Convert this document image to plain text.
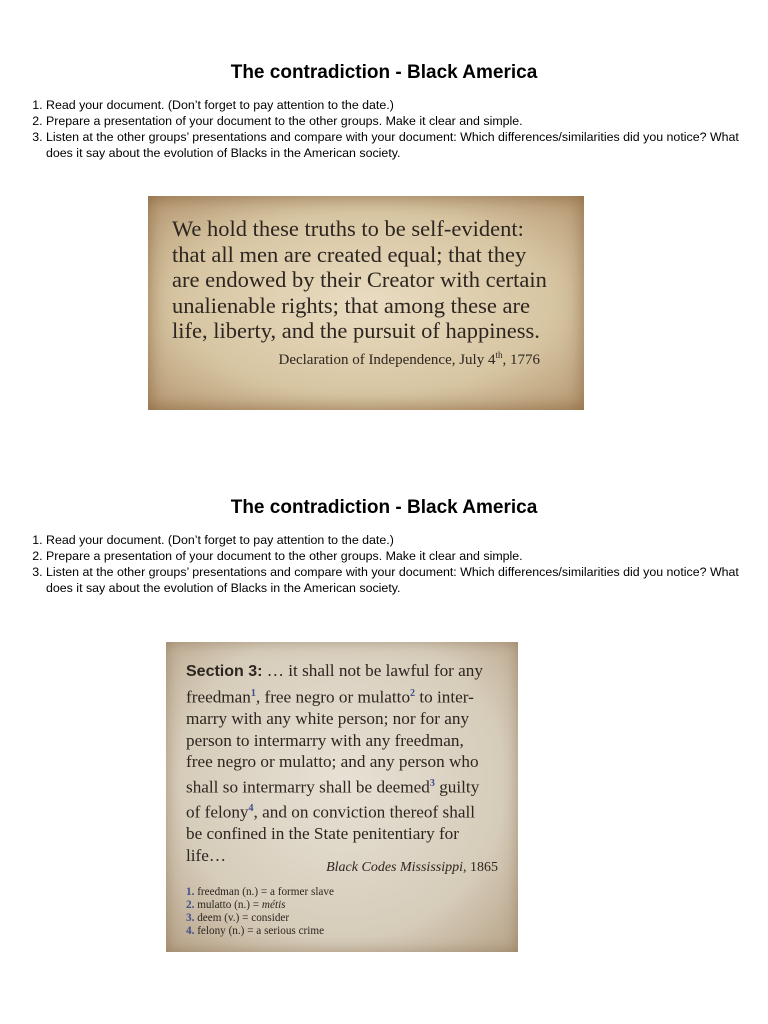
The contradiction - Black America
1. Read your document. (Don’t forget to pay attention to the date.)
2. Prepare a presentation of your document to the other groups. Make it clear and simple.
3. Listen at the other groups’ presentations and compare with your document: Which differences/similarities did you notice? What does it say about the evolution of Blacks in the American society.
We hold these truths to be self-evident:
that all men are created equal; that they
are endowed by their Creator with certain
unalienable rights; that among these are
life, liberty, and the pursuit of happiness.
Declaration of Independence, July 4th, 1776
The contradiction - Black America
1. Read your document. (Don’t forget to pay attention to the date.)
2. Prepare a presentation of your document to the other groups. Make it clear and simple.
3. Listen at the other groups’ presentations and compare with your document: Which differences/similarities did you notice? What does it say about the evolution of Blacks in the American society.
Section 3: … it shall not be lawful for any
freedman$^1$, free negro or mulatto$^2$ to inter-
marry with any white person; nor for any
person to intermarry with any freedman,
free negro or mulatto; and any person who
shall so intermarry shall be deemed$^3$ guilty
of felony$^4$, and on conviction thereof shall
be confined in the State penitentiary for
life…
Black Codes Mississippi, 1865
1. freedman (n.) = a former slave
2. mulatto (n.) = métis
3. deem (v.) = consider
4. felony (n.) = a serious crime
